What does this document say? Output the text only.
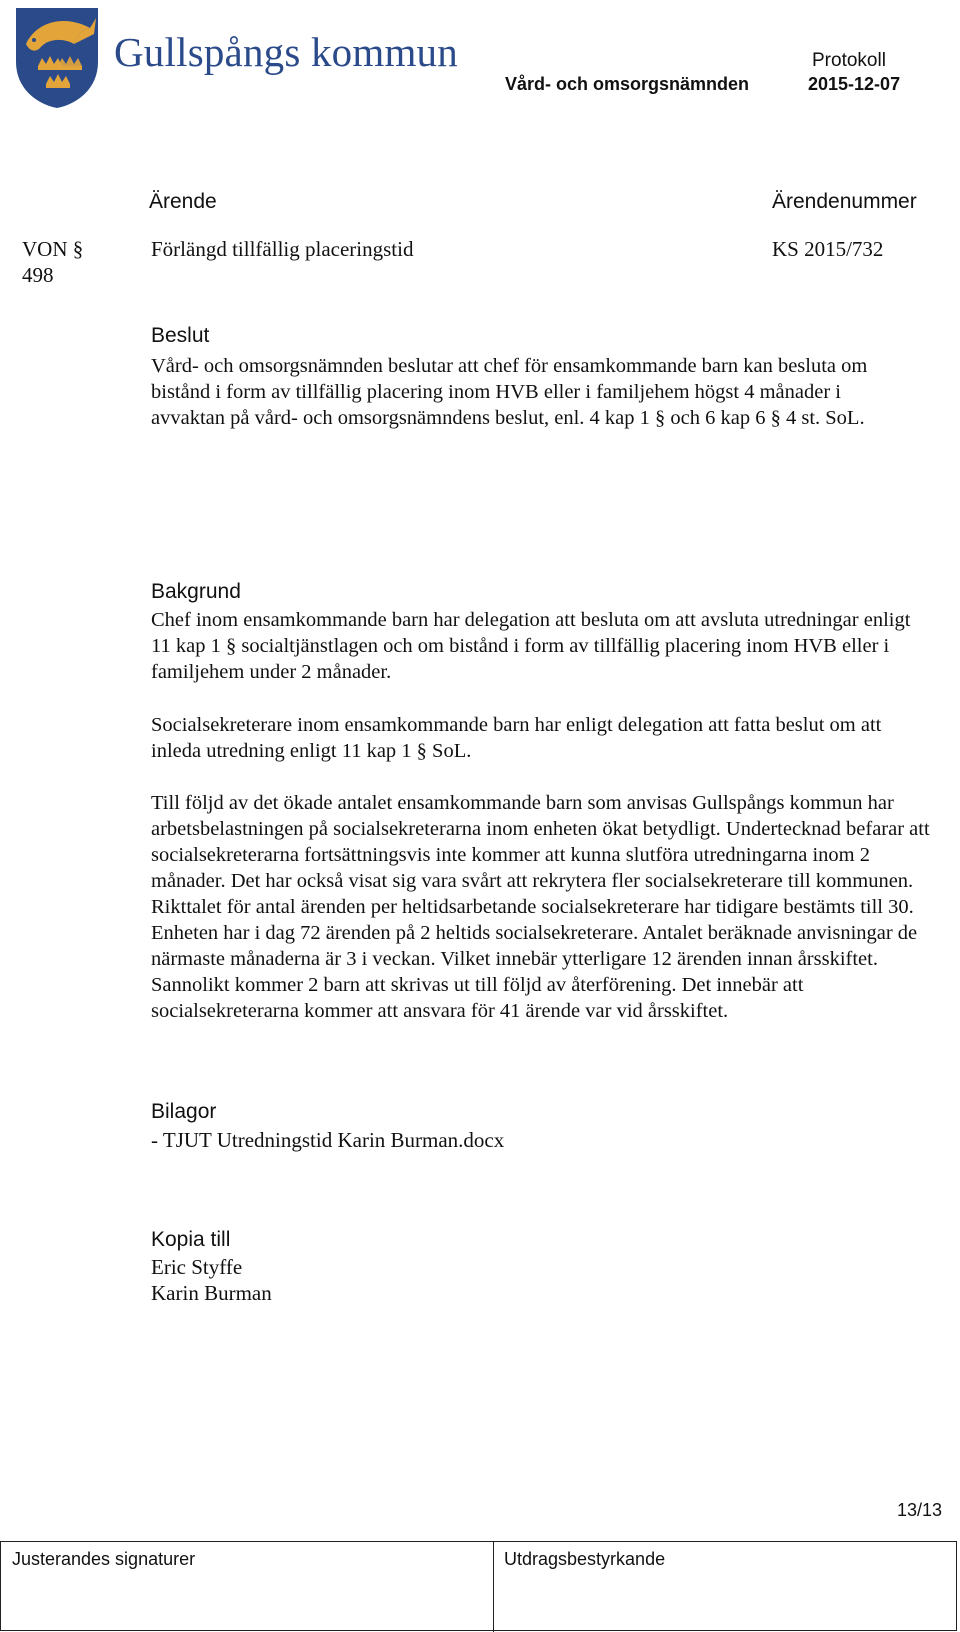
Gullspångs kommun	Protokoll
Vård- och omsorgsnämnden	2015-12-07
Ärende	Ärendenummer
VON §
498
Förlängd tillfällig placeringstid	KS 2015/732
Beslut

Vård- och omsorgsnämnden beslutar att chef för ensamkommande barn kan besluta om

bistånd i form av tillfällig placering inom HVB eller i familjehem högst 4 månader i

avvaktan på vård- och omsorgsnämndens beslut, enl. 4 kap 1 § och 6 kap 6 § 4 st. SoL.

Bakgrund
Chef inom ensamkommande barn har delegation att besluta om att avsluta utredningar enligt 11 kap 1 § socialtjänstlagen och om bistånd i form av tillfällig placering inom HVB eller i familjehem under 2 månader.
Socialsekreterare inom ensamkommande barn har enligt delegation att fatta beslut om att inleda utredning enligt 11 kap 1 § SoL.
Till följd av det ökade antalet ensamkommande barn som anvisas Gullspångs kommun har arbetsbelastningen på socialsekreterarna inom enheten ökat betydligt. Undertecknad befarar att socialsekreterarna fortsättningsvis inte kommer att kunna slutföra utredningarna inom 2 månader. Det har också visat sig vara svårt att rekrytera fler socialsekreterare till kommunen. Rikttalet för antal ärenden per heltidsarbetande socialsekreterare har tidigare bestämts till 30. Enheten har i dag 72 ärenden på 2 heltids socialsekreterare. Antalet beräknade anvisningar de närmaste månaderna är 3 i veckan. Vilket innebär ytterligare 12 ärenden innan årsskiftet. Sannolikt kommer 2 barn att skrivas ut till följd av återförening. Det innebär att socialsekreterarna kommer att ansvara för 41 ärende var vid årsskiftet.
Bilagor
- TJUT Utredningstid Karin Burman.docx
Kopia till
Eric Styffe
Karin Burman
13/13
Justerandes signaturer	Utdragsbestyrkande
